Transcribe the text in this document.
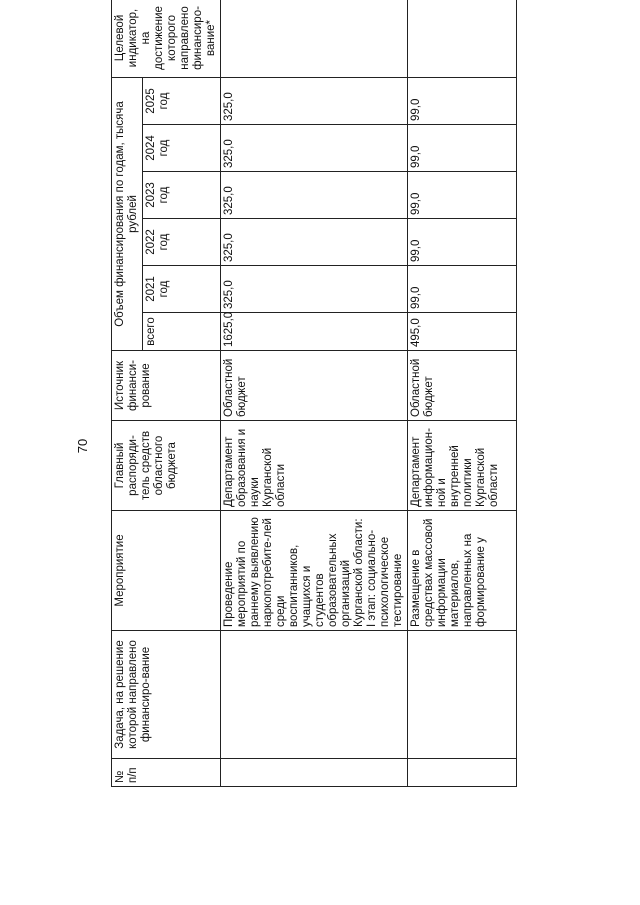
70
№ п/п	Задача, на решение которой направлено финансиро-вание	Мероприятие	Главный распоряди-тель средств областного бюджета	Источник финанси-рование	Объем финансирования по годам, тысяча рублей						Целевой индикатор, на достижение которого направлено финансиро-вание*
					всего	2021 год	2022 год	2023 год	2024 год	2025 год	
		Проведение мероприятий по раннему выявлению наркопотребите-лей среди воспитанников, учащихся и студентов образовательных организаций Курганской области: I этап: социально-психологическое тестирование	Департамент образования и науки Курганской области	Областной бюджет	1625,0	325,0	325,0	325,0	325,0	325,0	
		Размещение в средствах массовой информации материалов, направленных на формирование у	Департамент информацион-ной и внутренней политики Курганской области	Областной бюджет	495,0	99,0	99,0	99,0	99,0	99,0	
